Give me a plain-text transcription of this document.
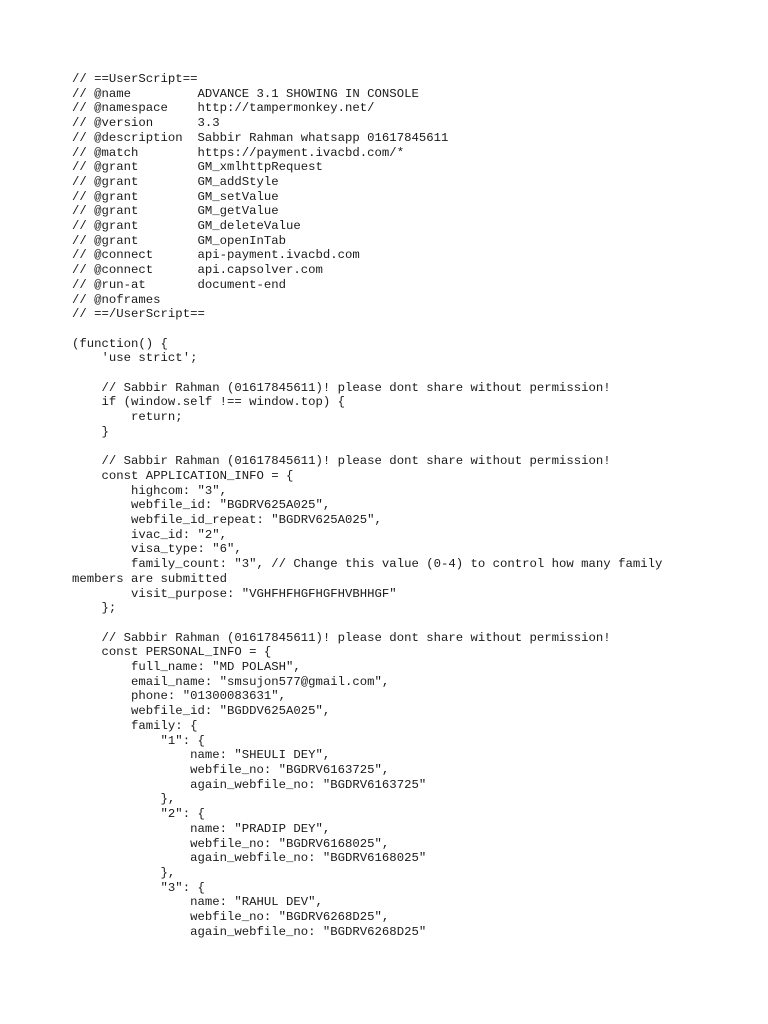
// ==UserScript==
// @name         ADVANCE 3.1 SHOWING IN CONSOLE
// @namespace    http://tampermonkey.net/
// @version      3.3
// @description  Sabbir Rahman whatsapp 01617845611
// @match        https://payment.ivacbd.com/*
// @grant        GM_xmlhttpRequest
// @grant        GM_addStyle
// @grant        GM_setValue
// @grant        GM_getValue
// @grant        GM_deleteValue
// @grant        GM_openInTab
// @connect      api-payment.ivacbd.com
// @connect      api.capsolver.com
// @run-at       document-end
// @noframes
// ==/UserScript==
(function() {
'use strict';
// Sabbir Rahman (01617845611)! please dont share without permission!
if (window.self !== window.top) {
return;
}
// Sabbir Rahman (01617845611)! please dont share without permission!
const APPLICATION_INFO = {
highcom: "3",
webfile_id: "BGDRV625A025",
webfile_id_repeat: "BGDRV625A025",
ivac_id: "2",
visa_type: "6",
family_count: "3", // Change this value (0-4) to control how many family
members are submitted
visit_purpose: "VGHFHFHGFHGFHVBHHGF"
};
// Sabbir Rahman (01617845611)! please dont share without permission!
const PERSONAL_INFO = {
full_name: "MD POLASH",
email_name: "smsujon577@gmail.com",
phone: "01300083631",
webfile_id: "BGDDV625A025",
family: {
"1": {
name: "SHEULI DEY",
webfile_no: "BGDRV6163725",
again_webfile_no: "BGDRV6163725"
},
"2": {
name: "PRADIP DEY",
webfile_no: "BGDRV6168025",
again_webfile_no: "BGDRV6168025"
},
"3": {
name: "RAHUL DEV",
webfile_no: "BGDRV6268D25",
again_webfile_no: "BGDRV6268D25"
